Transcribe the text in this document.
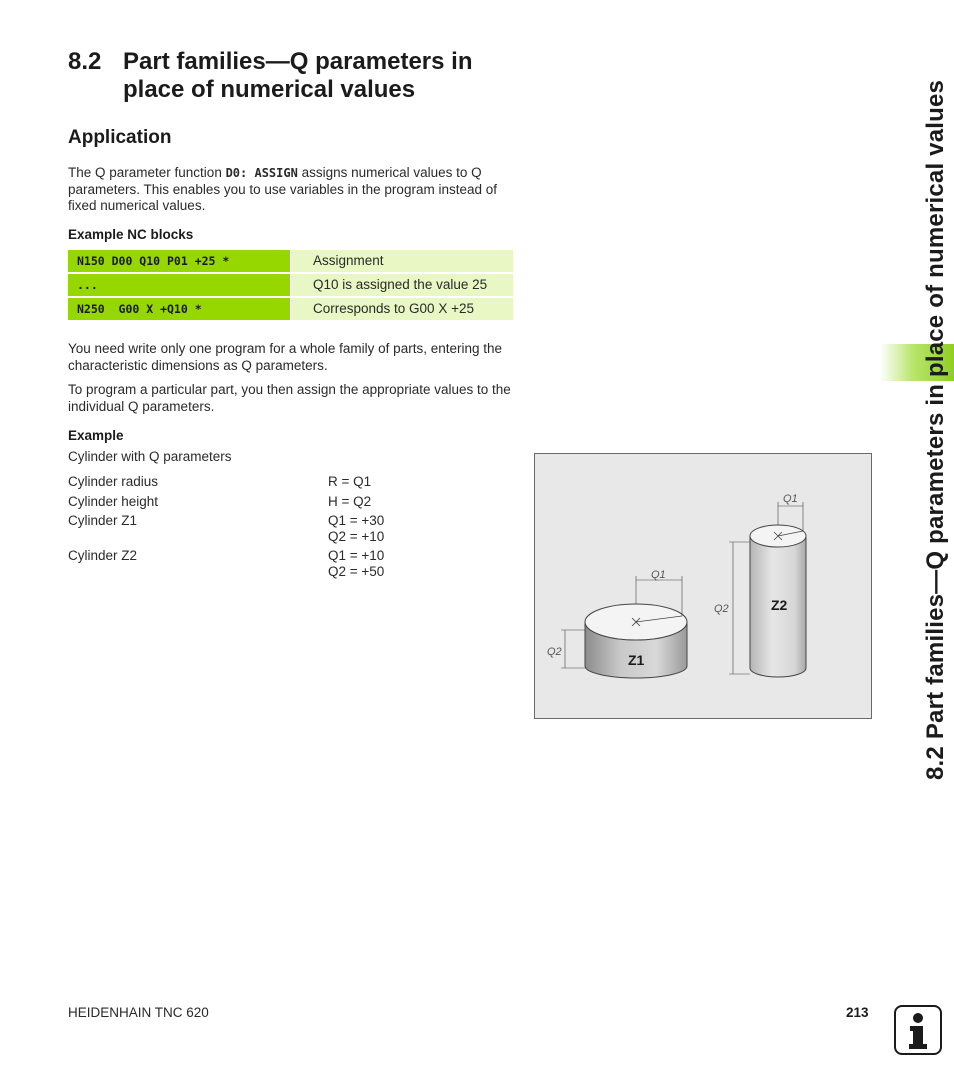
8.2 Part families—Q parameters in place of numerical values
Application
The Q parameter function D0: ASSIGN assigns numerical values to Q parameters. This enables you to use variables in the program instead of fixed numerical values.
Example NC blocks
N150 D00 Q10 P01 +25 *	Assignment
...	Q10 is assigned the value 25
N250  G00 X +Q10 *	Corresponds to G00 X +25
You need write only one program for a whole family of parts, entering the characteristic dimensions as Q parameters.
To program a particular part, you then assign the appropriate values to the individual Q parameters.
Example
Cylinder with Q parameters
Cylinder radius	R = Q1
Cylinder height	H = Q2
Cylinder Z1	Q1 = +30
Q2 = +10
Cylinder Z2	Q1 = +10
Q2 = +50	Q1
Q2	Z1
Q1
Q2	Z2	8.2 Part families—Q parameters in place of numerical values
HEIDENHAIN TNC 620	213
